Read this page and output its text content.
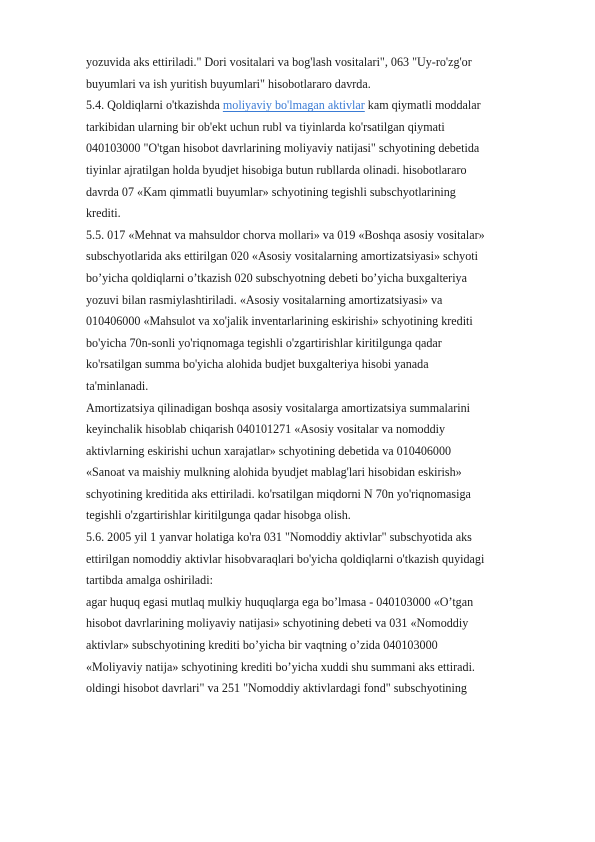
yozuvida aks ettiriladi." Dori vositalari va bog'lash vositalari", 063 "Uy-ro'zg'or
buyumlari va ish yuritish buyumlari" hisobotlararo davrda.
5.4. Qoldiqlarni o'tkazishda moliyaviy bo'lmagan aktivlar kam qiymatli moddalar
tarkibidan ularning bir ob'ekt uchun rubl va tiyinlarda ko'rsatilgan qiymati
040103000 "O'tgan hisobot davrlarining moliyaviy natijasi" schyotining debetida
tiyinlar ajratilgan holda byudjet hisobiga butun rubllarda olinadi. hisobotlararo
davrda 07 «Kam qimmatli buyumlar» schyotining tegishli subschyotlarining
krediti.
5.5. 017 «Mehnat va mahsuldor chorva mollari» va 019 «Boshqa asosiy vositalar»
subschyotlarida aks ettirilgan 020 «Asosiy vositalarning amortizatsiyasi» schyoti
bo’yicha qoldiqlarni o’tkazish 020 subschyotning debeti bo’yicha buxgalteriya
yozuvi bilan rasmiylashtiriladi. «Asosiy vositalarning amortizatsiyasi» va
010406000 «Mahsulot va xo'jalik inventarlarining eskirishi» schyotining krediti
bo'yicha 70n-sonli yo'riqnomaga tegishli o'zgartirishlar kiritilgunga qadar
ko'rsatilgan summa bo'yicha alohida budjet buxgalteriya hisobi yanada
ta'minlanadi.
Amortizatsiya qilinadigan boshqa asosiy vositalarga amortizatsiya summalarini
keyinchalik hisoblab chiqarish 040101271 «Asosiy vositalar va nomoddiy
aktivlarning eskirishi uchun xarajatlar» schyotining debetida va 010406000
«Sanoat va maishiy mulkning alohida byudjet mablag'lari hisobidan eskirish»
schyotining kreditida aks ettiriladi. ko'rsatilgan miqdorni N 70n yo'riqnomasiga
tegishli o'zgartirishlar kiritilgunga qadar hisobga olish.
5.6. 2005 yil 1 yanvar holatiga ko'ra 031 "Nomoddiy aktivlar" subschyotida aks
ettirilgan nomoddiy aktivlar hisobvaraqlari bo'yicha qoldiqlarni o'tkazish quyidagi
tartibda amalga oshiriladi:
agar huquq egasi mutlaq mulkiy huquqlarga ega bo’lmasa - 040103000 «O’tgan
hisobot davrlarining moliyaviy natijasi» schyotining debeti va 031 «Nomoddiy
aktivlar» subschyotining krediti bo’yicha bir vaqtning o’zida 040103000
«Moliyaviy natija» schyotining krediti bo’yicha xuddi shu summani aks ettiradi.
oldingi hisobot davrlari" va 251 "Nomoddiy aktivlardagi fond" subschyotining
